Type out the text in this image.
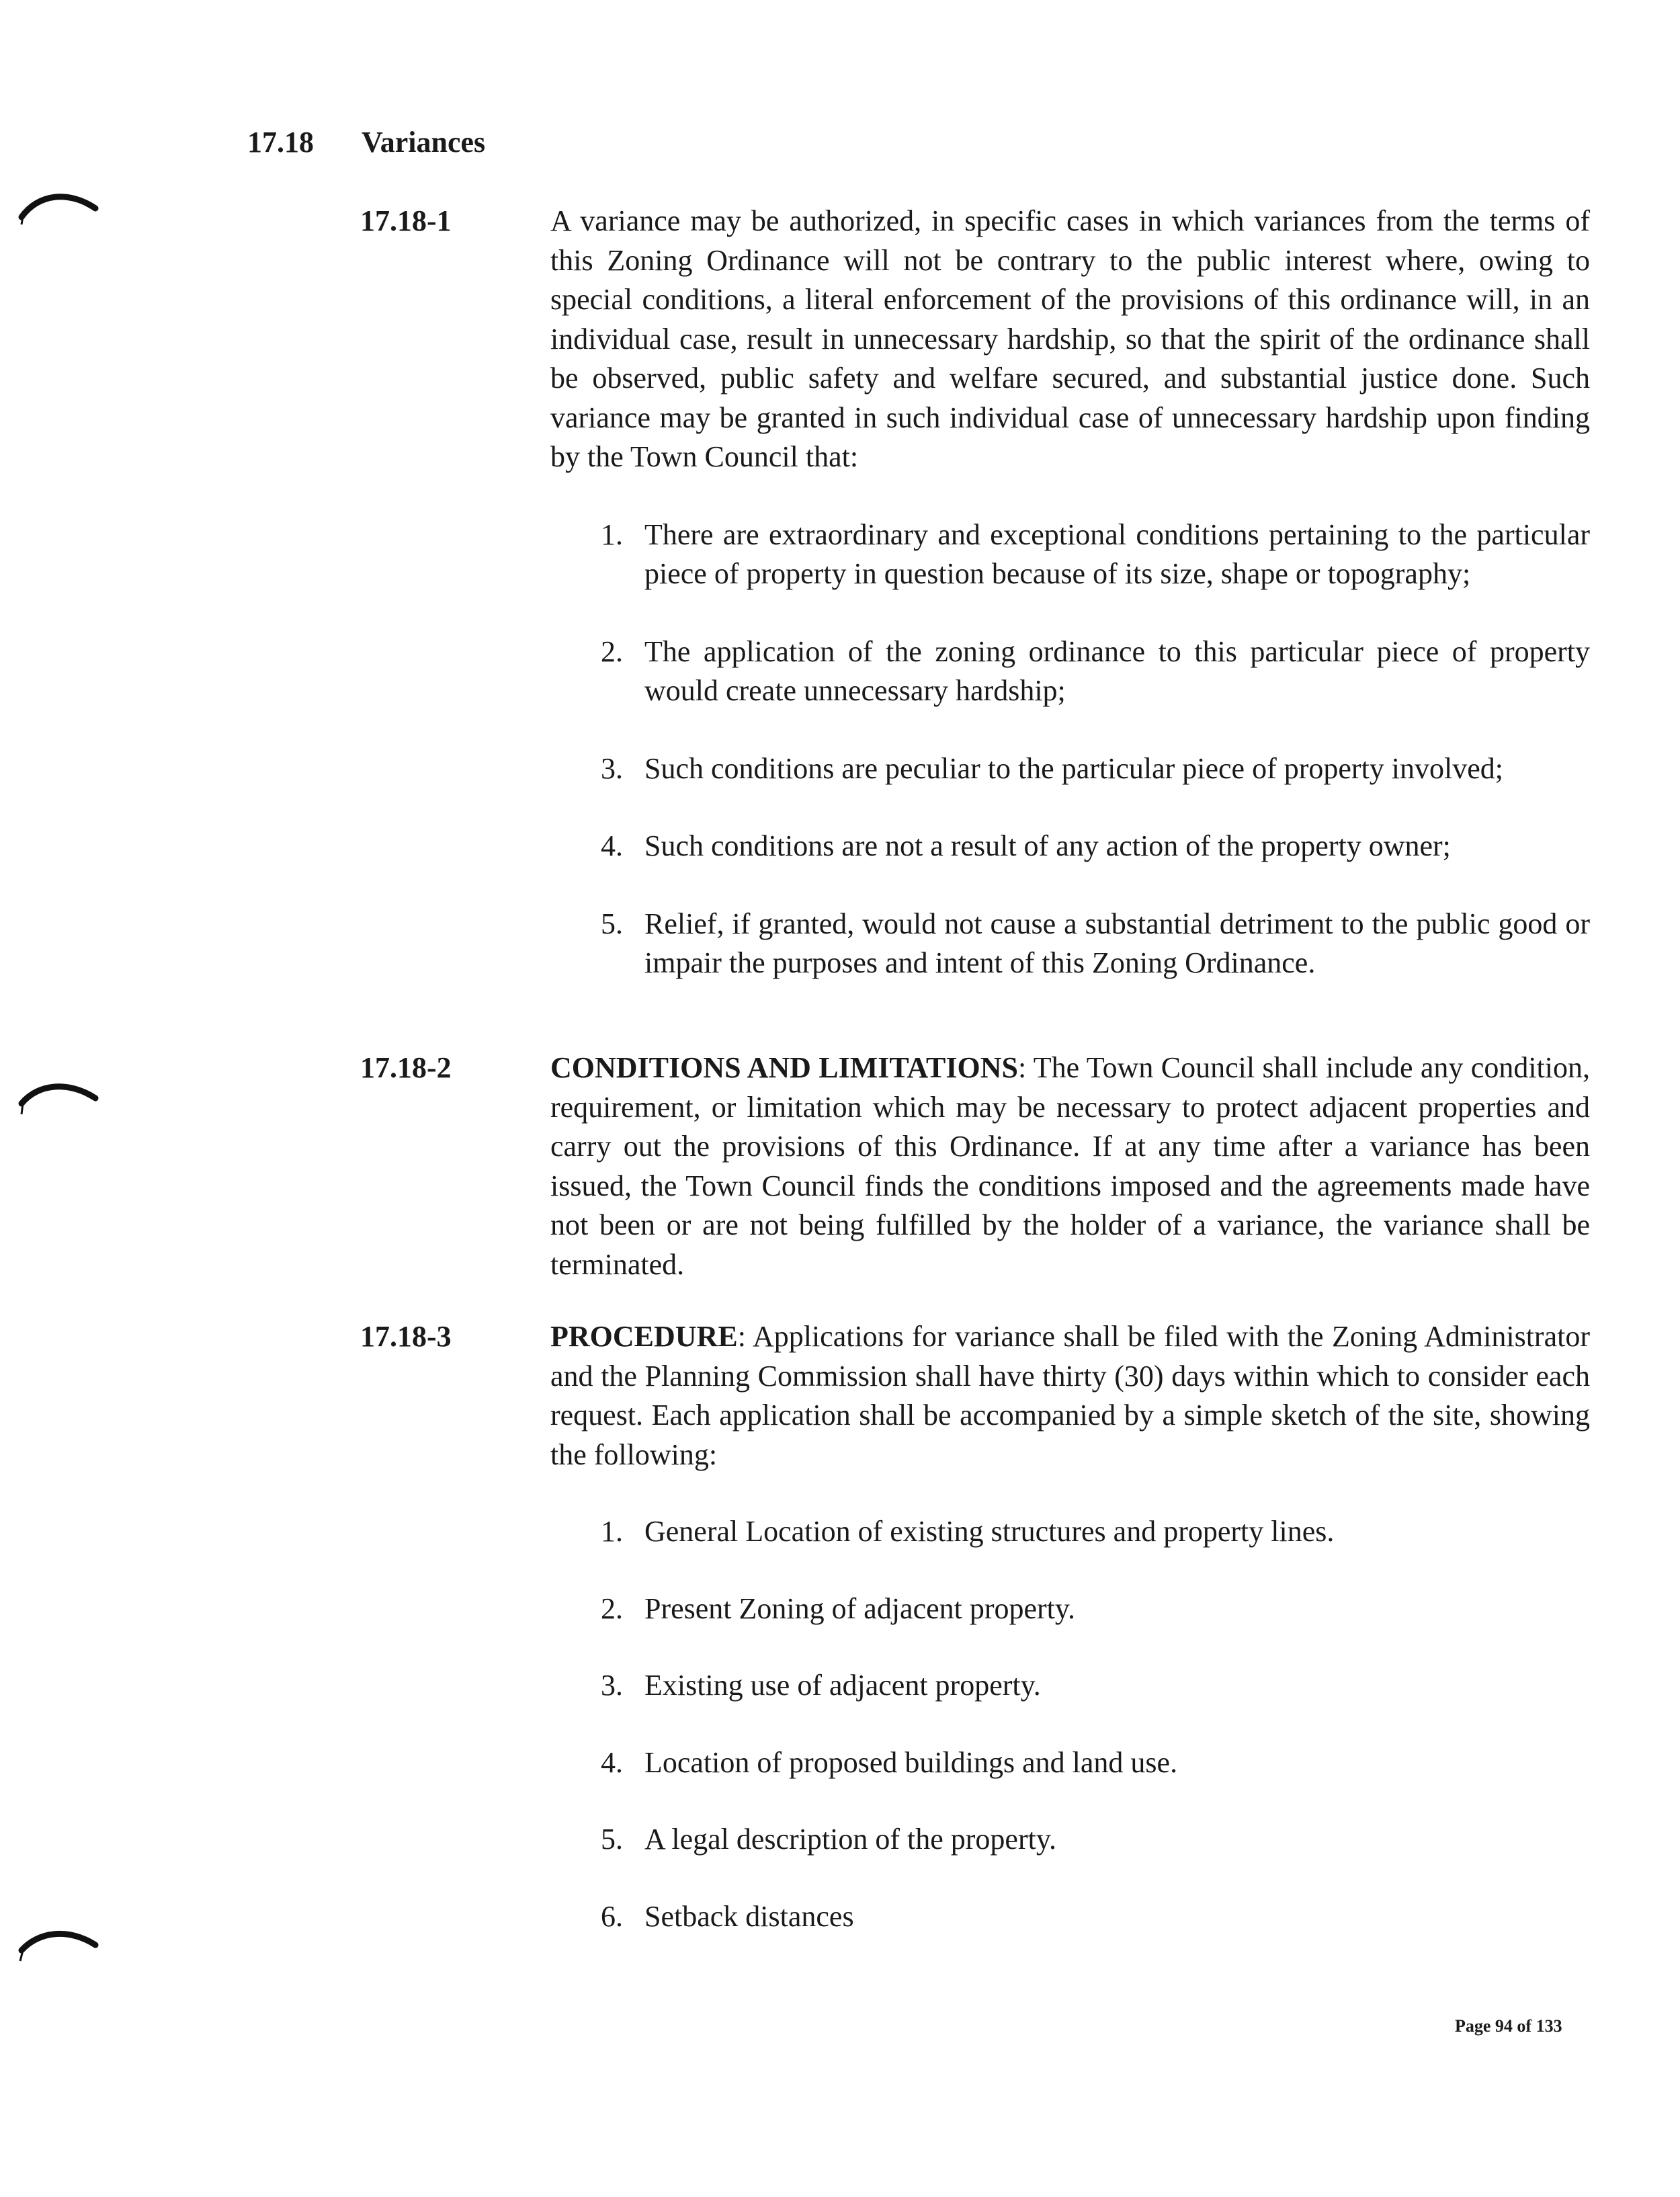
17.18 Variances
17.18-1	A variance may be authorized, in specific cases in which variances from the terms of this Zoning Ordinance will not be contrary to the public interest where, owing to special conditions, a literal enforcement of the provisions of this ordinance will, in an individual case, result in unnecessary hardship, so that the spirit of the ordinance shall be observed, public safety and welfare secured, and substantial justice done. Such variance may be granted in such individual case of unnecessary hardship upon finding by the Town Council that:

1. There are extraordinary and exceptional conditions pertaining to the particular piece of property in question because of its size, shape or topography;
2. The application of the zoning ordinance to this particular piece of property would create unnecessary hardship;
3. Such conditions are peculiar to the particular piece of property involved;
4. Such conditions are not a result of any action of the property owner;
5. Relief, if granted, would not cause a substantial detriment to the public good or impair the purposes and intent of this Zoning Ordinance.
17.18-2	CONDITIONS AND LIMITATIONS: The Town Council shall include any condition, requirement, or limitation which may be necessary to protect adjacent properties and carry out the provisions of this Ordinance. If at any time after a variance has been issued, the Town Council finds the conditions imposed and the agreements made have not been or are not being fulfilled by the holder of a variance, the variance shall be terminated.

17.18-3	PROCEDURE: Applications for variance shall be filed with the Zoning Administrator and the Planning Commission shall have thirty (30) days within which to consider each request. Each application shall be accompanied by a simple sketch of the site, showing the following:

1. General Location of existing structures and property lines.
2. Present Zoning of adjacent property.
3. Existing use of adjacent property.
4. Location of proposed buildings and land use.
5. A legal description of the property.
6. Setback distances
Page 94 of 133
